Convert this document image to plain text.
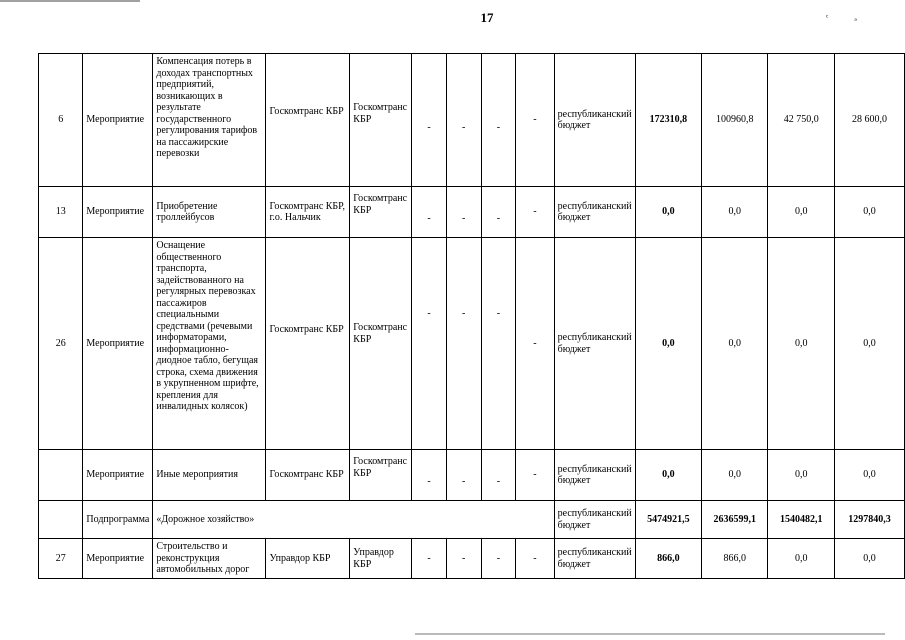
17	ᶜₔ
6	Мероприятие	Компенсация потерь в доходах транспортных предприятий, возникающих в результате государственного регулирования тарифов на пассажирские перевозки	Госкомтранс КБР	Госкомтранс КБР	-	-	-	-	республиканский бюджет	172310,8	100960,8	42 750,0	28 600,0
13	Мероприятие	Приобретение троллейбусов	Госкомтранс КБР, г.о. Нальчик	Госкомтранс КБР	-	-	-	-	республиканский бюджет	0,0	0,0	0,0	0,0
26	Мероприятие	Оснащение общественного транспорта, задействованного на регулярных перевозках пассажиров специальными средствами (речевыми информаторами, информационно-диодное табло, бегущая строка, схема движения в укрупненном шрифте, крепления для инвалидных колясок)	Госкомтранс КБР	Госкомтранс КБР	-	-	-	-	республиканский бюджет	0,0	0,0	0,0	0,0
	Мероприятие	Иные мероприятия	Госкомтранс КБР	Госкомтранс КБР	-	-	-	-	республиканский бюджет	0,0	0,0	0,0	0,0
	Подпрограмма	«Дорожное хозяйство»							республиканский бюджет	5474921,5	2636599,1	1540482,1	1297840,3
27	Мероприятие	Строительство и реконструкция автомобильных дорог	Управдор КБР	Управдор КБР	-	-	-	-	республиканский бюджет	866,0	866,0	0,0	0,0
